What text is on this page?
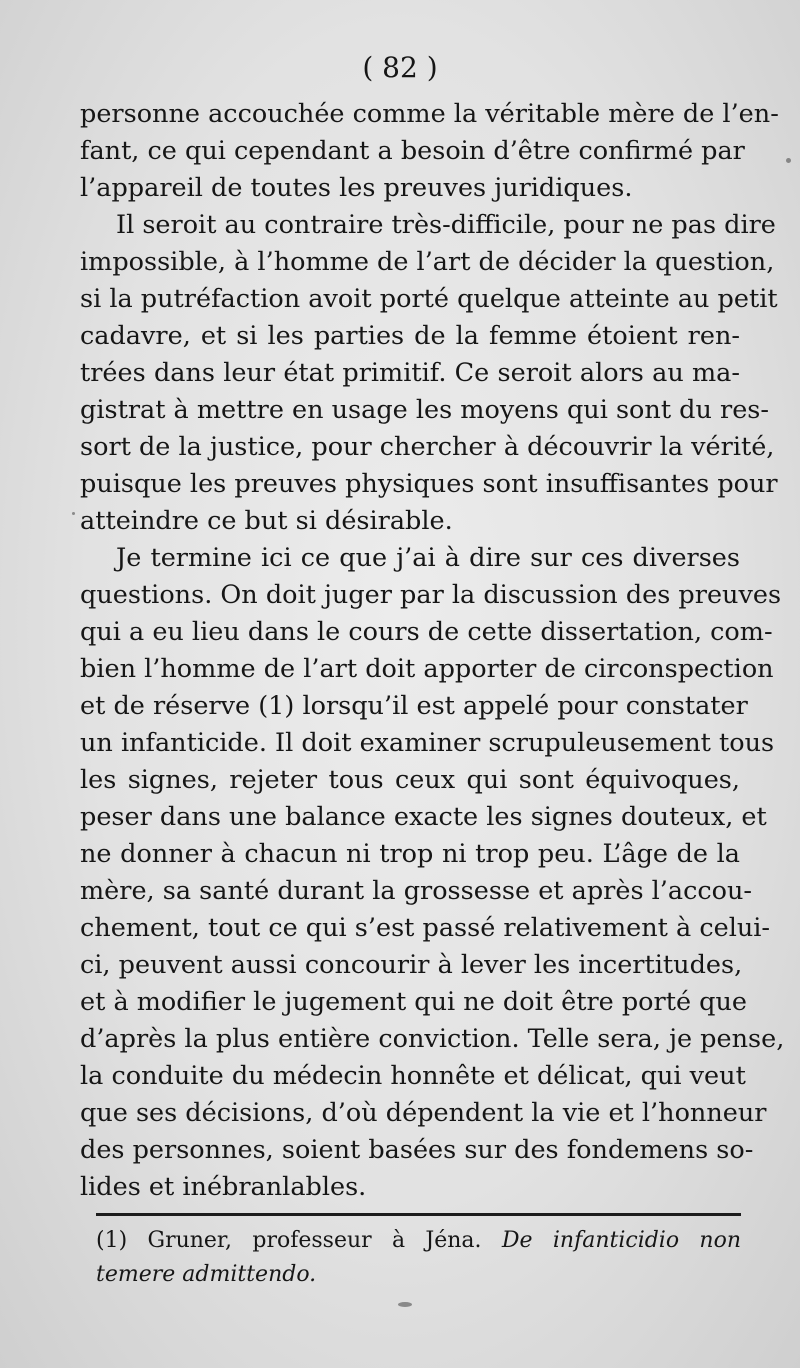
( 82 )
personne accouchée comme la véritable mère de l’en-
fant, ce qui cependant a besoin d’être confirmé par
l’appareil de toutes les preuves juridiques.
Il seroit au contraire très-difficile, pour ne pas dire
impossible, à l’homme de l’art de décider la question,
si la putréfaction avoit porté quelque atteinte au petit
cadavre, et si les parties de la femme étoient ren-
trées dans leur état primitif. Ce seroit alors au ma-
gistrat à mettre en usage les moyens qui sont du res-
sort de la justice, pour chercher à découvrir la vérité,
puisque les preuves physiques sont insuffisantes pour
atteindre ce but si désirable.
Je termine ici ce que j’ai à dire sur ces diverses
questions. On doit juger par la discussion des preuves
qui a eu lieu dans le cours de cette dissertation, com-
bien l’homme de l’art doit apporter de circonspection
et de réserve (1) lorsqu’il est appelé pour constater
un infanticide. Il doit examiner scrupuleusement tous
les signes, rejeter tous ceux qui sont équivoques,
peser dans une balance exacte les signes douteux, et
ne donner à chacun ni trop ni trop peu. L’âge de la
mère, sa santé durant la grossesse et après l’accou-
chement, tout ce qui s’est passé relativement à celui-
ci, peuvent aussi concourir à lever les incertitudes,
et à modifier le jugement qui ne doit être porté que
d’après la plus entière conviction. Telle sera, je pense,
la conduite du médecin honnête et délicat, qui veut
que ses décisions, d’où dépendent la vie et l’honneur
des personnes, soient basées sur des fondemens so-
lides et inébranlables.
(1) Gruner, professeur à Jéna. De infanticidio non
temere admittendo.
